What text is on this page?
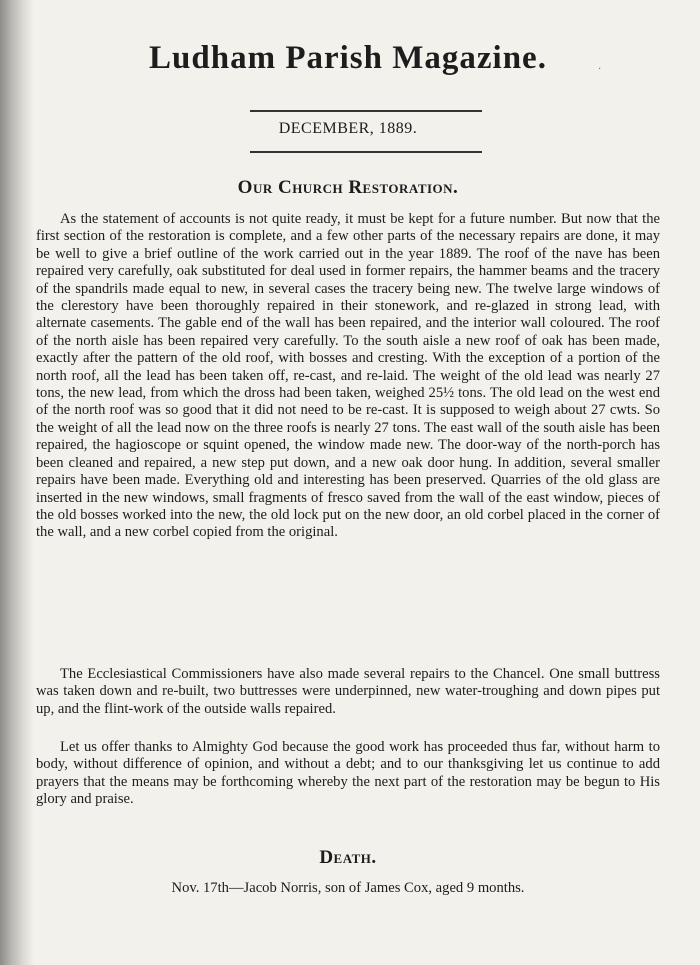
Ludham Parish Magazine.	·
DECEMBER, 1889.
Our Church Restoration.

As the statement of accounts is not quite ready, it must be kept for a future number. But now that the first section of the restoration is complete, and a few other parts of the necessary repairs are done, it may be well to give a brief outline of the work carried out in the year 1889. The roof of the nave has been repaired very carefully, oak substituted for deal used in former repairs, the hammer beams and the tracery of the spandrils made equal to new, in several cases the tracery being new. The twelve large windows of the clerestory have been thoroughly repaired in their stonework, and re-glazed in strong lead, with alternate casements. The gable end of the wall has been repaired, and the interior wall coloured. The roof of the north aisle has been repaired very carefully. To the south aisle a new roof of oak has been made, exactly after the pattern of the old roof, with bosses and cresting. With the exception of a portion of the north roof, all the lead has been taken off, re-cast, and re-laid. The weight of the old lead was nearly 27 tons, the new lead, from which the dross had been taken, weighed 25½ tons. The old lead on the west end of the north roof was so good that it did not need to be re-cast. It is supposed to weigh about 27 cwts. So the weight of all the lead now on the three roofs is nearly 27 tons. The east wall of the south aisle has been repaired, the hagioscope or squint opened, the window made new. The door-way of the north-porch has been cleaned and repaired, a new step put down, and a new oak door hung. In addition, several smaller repairs have been made. Everything old and interesting has been preserved. Quarries of the old glass are inserted in the new windows, small fragments of fresco saved from the wall of the east window, pieces of the old bosses worked into the new, the old lock put on the new door, an old corbel placed in the corner of the wall, and a new corbel copied from the original.

The Ecclesiastical Commissioners have also made several repairs to the Chancel. One small buttress was taken down and re-built, two buttresses were underpinned, new water-troughing and down pipes put up, and the flint-work of the outside walls repaired.

Let us offer thanks to Almighty God because the good work has proceeded thus far, without harm to body, without difference of opinion, and without a debt; and to our thanksgiving let us continue to add prayers that the means may be forthcoming whereby the next part of the restoration may be begun to His glory and praise.

Death.
Nov. 17th—Jacob Norris, son of James Cox, aged 9 months.
